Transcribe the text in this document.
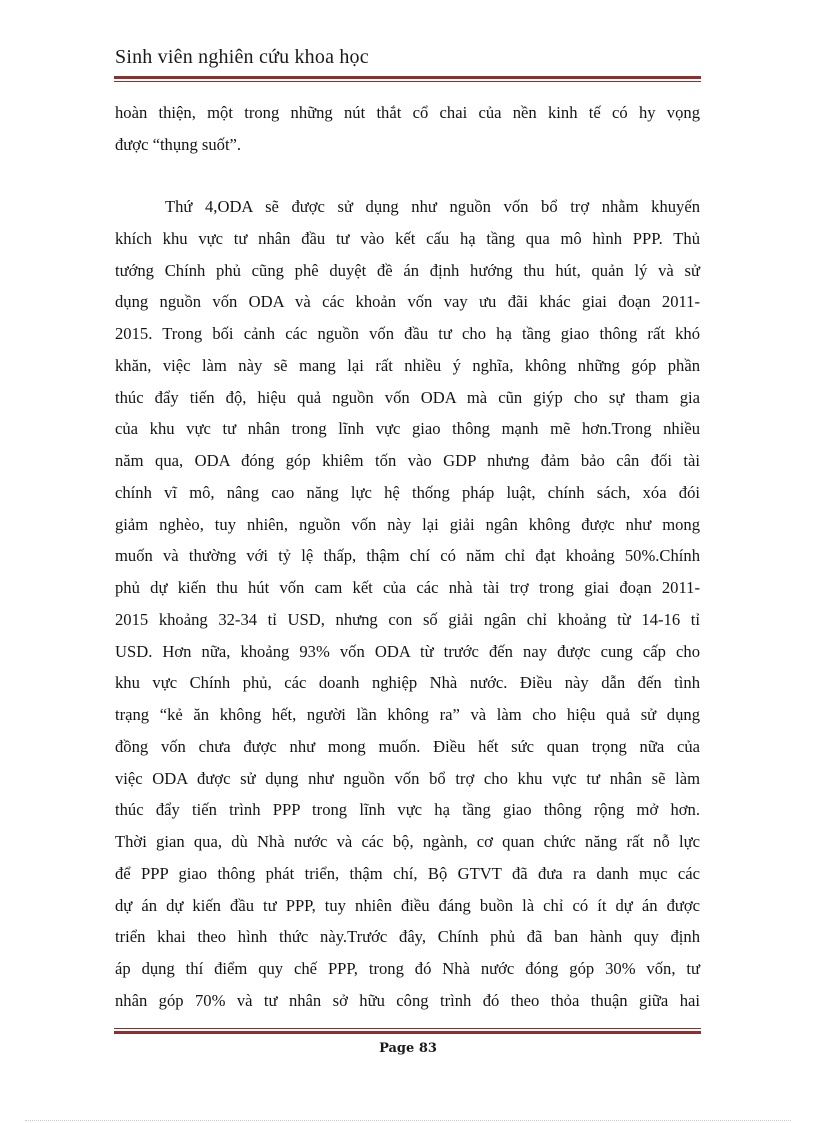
Sinh viên nghiên cứu khoa học
hoàn thiện, một trong những nút thắt cổ chai của nền kinh tế có hy vọng
được “thụng suốt”.
Thứ 4,ODA sẽ được sử dụng như nguồn vốn bổ trợ nhằm khuyến
khích khu vực tư nhân đầu tư vào kết cấu hạ tầng qua mô hình PPP. Thủ
tướng Chính phủ cũng phê duyệt đề án định hướng thu hút, quản lý và sử
dụng nguồn vốn ODA và các khoản vốn vay ưu đãi khác giai đoạn 2011-
2015. Trong bối cảnh các nguồn vốn đầu tư cho hạ tầng giao thông rất khó
khăn, việc làm này sẽ mang lại rất nhiều ý nghĩa, không những góp phần
thúc đẩy tiến độ, hiệu quả nguồn vốn ODA mà cũn giýp cho sự tham gia
của khu vực tư nhân trong lĩnh vực giao thông mạnh mẽ hơn.Trong nhiều
năm qua, ODA đóng góp khiêm tốn vào GDP nhưng đảm bảo cân đối tài
chính vĩ mô, nâng cao năng lực hệ thống pháp luật, chính sách, xóa đói
giảm nghèo, tuy nhiên, nguồn vốn này lại giải ngân không được như mong
muốn và thường với tỷ lệ thấp, thậm chí có năm chỉ đạt khoảng 50%.Chính
phủ dự kiến thu hút vốn cam kết của các nhà tài trợ trong giai đoạn 2011-
2015 khoảng 32-34 tỉ USD, nhưng con số giải ngân chỉ khoảng từ 14-16 tỉ
USD. Hơn nữa, khoảng 93% vốn ODA từ trước đến nay được cung cấp cho
khu vực Chính phủ, các doanh nghiệp Nhà nước. Điều này dẫn đến tình
trạng “kẻ ăn không hết, người lần không ra” và làm cho hiệu quả sử dụng
đồng vốn chưa được như mong muốn. Điều hết sức quan trọng nữa của
việc ODA được sử dụng như nguồn vốn bổ trợ cho khu vực tư nhân sẽ làm
thúc đẩy tiến trình PPP trong lĩnh vực hạ tầng giao thông rộng mở hơn.
Thời gian qua, dù Nhà nước và các bộ, ngành, cơ quan chức năng rất nỗ lực
để PPP giao thông phát triển, thậm chí, Bộ GTVT đã đưa ra danh mục các
dự án dự kiến đầu tư PPP, tuy nhiên điều đáng buồn là chỉ có ít dự án được
triển khai theo hình thức này.Trước đây, Chính phủ đã ban hành quy định
áp dụng thí điểm quy chế PPP, trong đó Nhà nước đóng góp 30% vốn, tư
nhân góp 70% và tư nhân sở hữu công trình đó theo thỏa thuận giữa hai
Page 83
